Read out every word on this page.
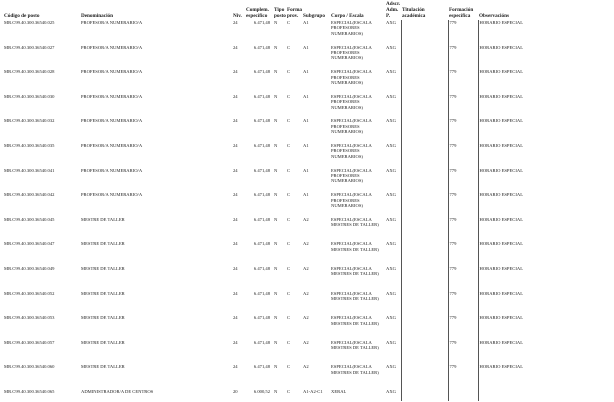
Código de posto	Denominación	Niv.	Complem. específico	Tipo posto	Forma prov.	Subgrupo	Corpo / Escala	Adscr. Adm. P.	Titulación académica	Formación específica	Observacións
MR.C99.40.300.36540.025	PROFESOR/A NUMERARIO/A	24	6.471,48	N	C	A1	ESPECIAL(ESCALA PROFESORES NUMERARIOS)	AXG		779	HORARIO ESPECIAL
MR.C99.40.300.36540.027	PROFESOR/A NUMERARIO/A	24	6.471,48	N	C	A1	ESPECIAL(ESCALA PROFESORES NUMERARIOS)	AXG		779	HORARIO ESPECIAL
MR.C99.40.300.36540.028	PROFESOR/A NUMERARIO/A	24	6.471,48	N	C	A1	ESPECIAL(ESCALA PROFESORES NUMERARIOS)	AXG		779	HORARIO ESPECIAL
MR.C99.40.300.36540.030	PROFESOR/A NUMERARIO/A	24	6.471,48	N	C	A1	ESPECIAL(ESCALA PROFESORES NUMERARIOS)	AXG		779	HORARIO ESPECIAL
MR.C99.40.300.36540.032	PROFESOR/A NUMERARIO/A	24	6.471,48	N	C	A1	ESPECIAL(ESCALA PROFESORES NUMERARIOS)	AXG		779	HORARIO ESPECIAL
MR.C99.40.300.36540.035	PROFESOR/A NUMERARIO/A	24	6.471,48	N	C	A1	ESPECIAL(ESCALA PROFESORES NUMERARIOS)	AXG		779	HORARIO ESPECIAL
MR.C99.40.300.36540.041	PROFESOR/A NUMERARIO/A	24	6.471,48	N	C	A1	ESPECIAL(ESCALA PROFESORES NUMERARIOS)	AXG		779	HORARIO ESPECIAL
MR.C99.40.300.36540.042	PROFESOR/A NUMERARIO/A	24	6.471,48	N	C	A1	ESPECIAL(ESCALA PROFESORES NUMERARIOS)	AXG		779	HORARIO ESPECIAL
MR.C99.40.300.36540.045	MESTRE DE TALLER	24	6.471,48	N	C	A2	ESPECIAL(ESCALA MESTRES DE TALLER)	AXG		779	HORARIO ESPECIAL
MR.C99.40.300.36540.047	MESTRE DE TALLER	24	6.471,48	N	C	A2	ESPECIAL(ESCALA MESTRES DE TALLER)	AXG		779	HORARIO ESPECIAL
MR.C99.40.300.36540.049	MESTRE DE TALLER	24	6.471,48	N	C	A2	ESPECIAL(ESCALA MESTRES DE TALLER)	AXG		779	HORARIO ESPECIAL
MR.C99.40.300.36540.052	MESTRE DE TALLER	24	6.471,48	N	C	A2	ESPECIAL(ESCALA MESTRES DE TALLER)	AXG		779	HORARIO ESPECIAL
MR.C99.40.300.36540.053	MESTRE DE TALLER	24	6.471,48	N	C	A2	ESPECIAL(ESCALA MESTRES DE TALLER)	AXG		779	HORARIO ESPECIAL
MR.C99.40.300.36540.057	MESTRE DE TALLER	24	6.471,48	N	C	A2	ESPECIAL(ESCALA MESTRES DE TALLER)	AXG		779	HORARIO ESPECIAL
MR.C99.40.300.36540.060	MESTRE DE TALLER	24	6.471,48	N	C	A2	ESPECIAL(ESCALA MESTRES DE TALLER)	AXG		779	HORARIO ESPECIAL
MR.C99.40.300.36540.065	ADMINISTRADOR/A DE CENTROS	20	6.000,52	N	C	A1-A2-C1	XERAL	AXG			
